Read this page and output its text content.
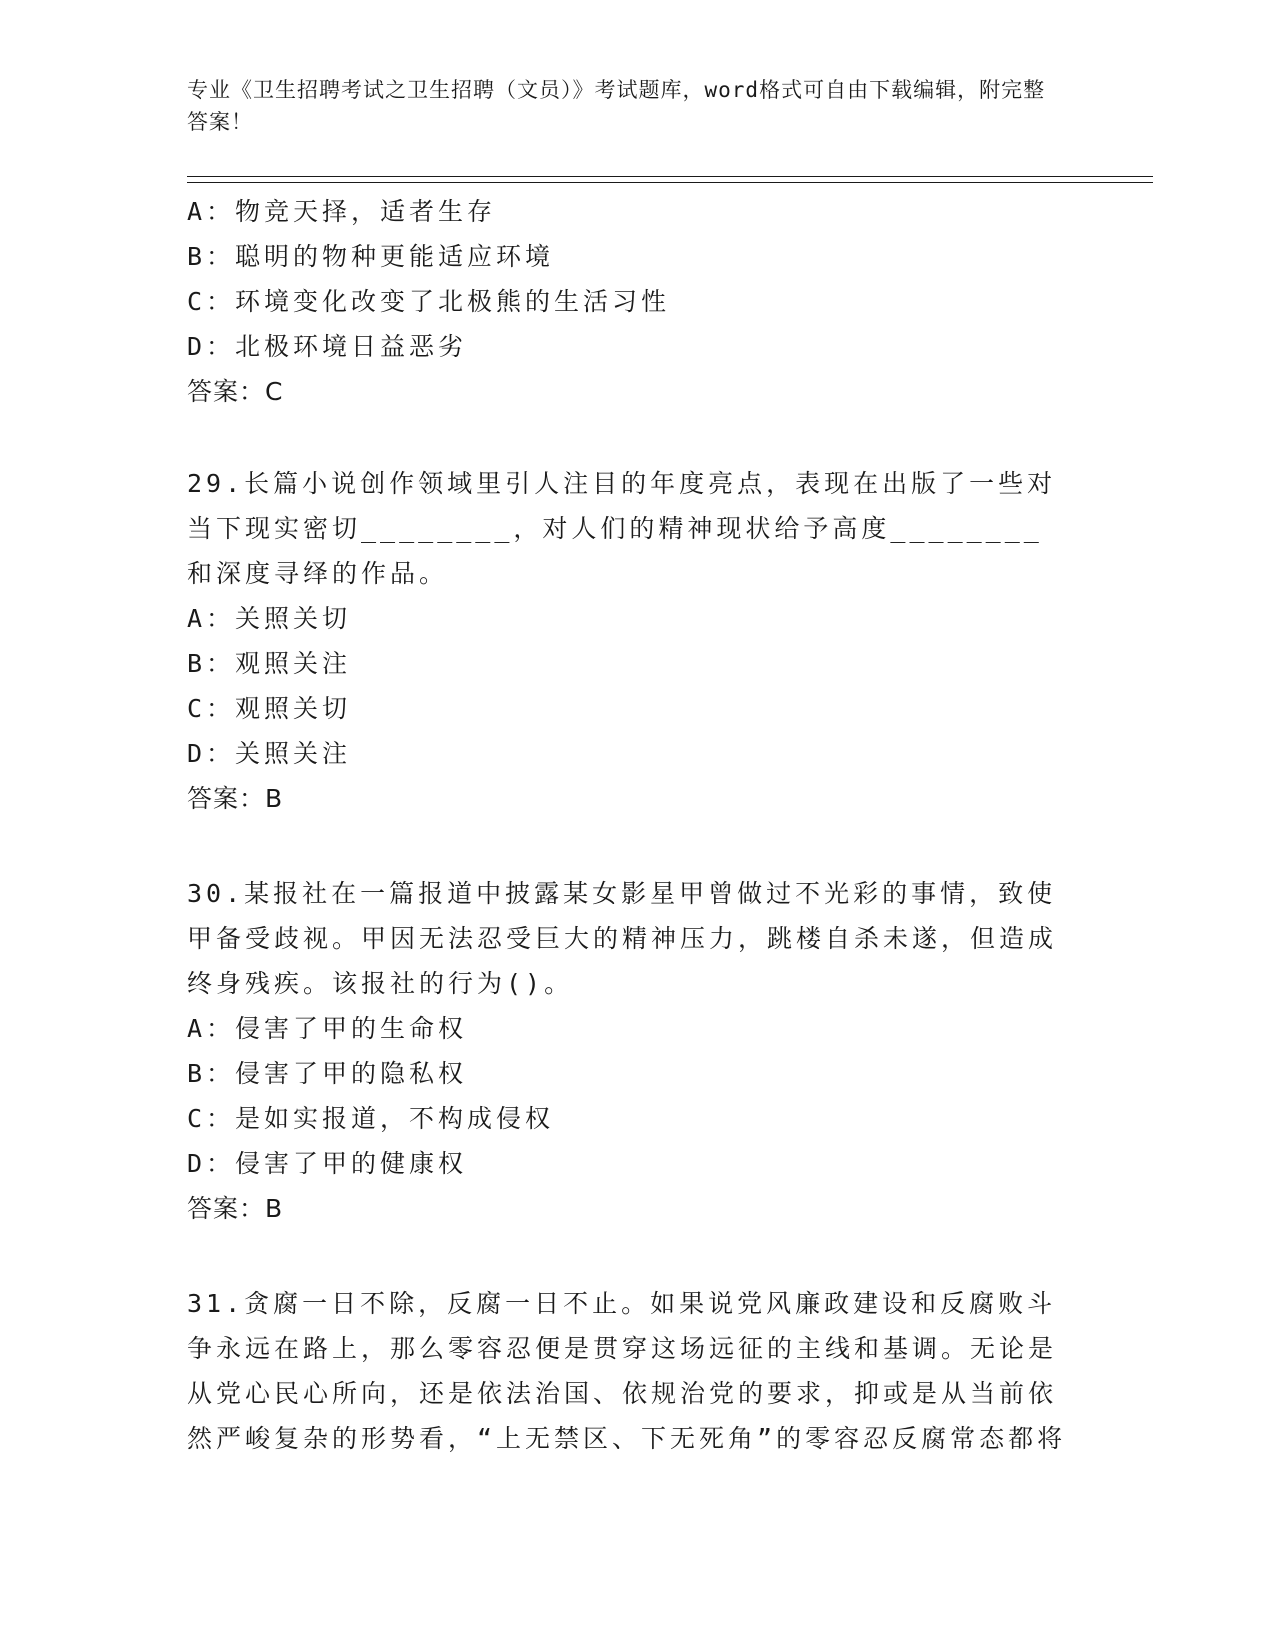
专业《卫生招聘考试之卫生招聘（文员）》考试题库，word格式可自由下载编辑，附完整答案！
A：物竞天择，适者生存
B：聪明的物种更能适应环境
C：环境变化改变了北极熊的生活习性
D：北极环境日益恶劣
答案：C
29.长篇小说创作领域里引人注目的年度亮点，表现在出版了一些对当下现实密切________，对人们的精神现状给予高度________和深度寻绎的作品。
A：关照关切
B：观照关注
C：观照关切
D：关照关注
答案：B
30.某报社在一篇报道中披露某女影星甲曾做过不光彩的事情，致使甲备受歧视。甲因无法忍受巨大的精神压力，跳楼自杀未遂，但造成终身残疾。该报社的行为()。
A：侵害了甲的生命权
B：侵害了甲的隐私权
C：是如实报道，不构成侵权
D：侵害了甲的健康权
答案：B
31.贪腐一日不除，反腐一日不止。如果说党风廉政建设和反腐败斗争永远在路上，那么零容忍便是贯穿这场远征的主线和基调。无论是从党心民心所向，还是依法治国、依规治党的要求，抑或是从当前依然严峻复杂的形势看，“上无禁区、下无死角”的零容忍反腐常态都将
